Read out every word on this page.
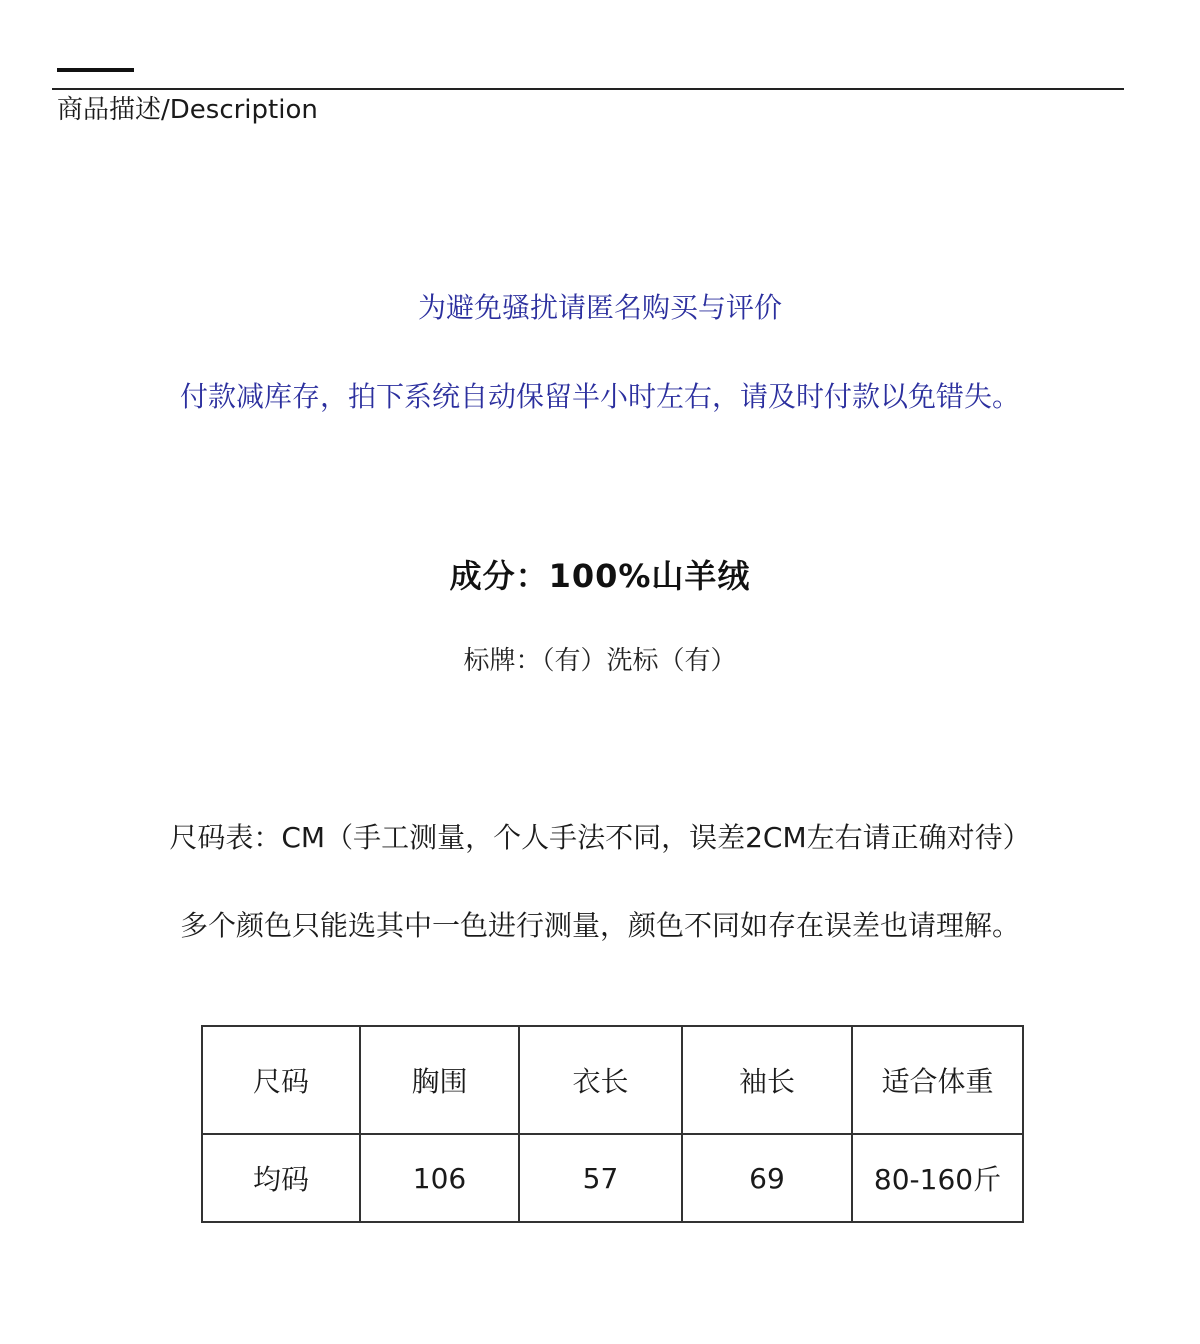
商品描述/Description
为避免骚扰请匿名购买与评价
付款减库存，拍下系统自动保留半小时左右，请及时付款以免错失。
成分：100%山羊绒
标牌：（有）洗标（有）
尺码表：CM（手工测量，个人手法不同，误差2CM左右请正确对待）
多个颜色只能选其中一色进行测量，颜色不同如存在误差也请理解。
尺码	胸围	衣长	袖长	适合体重
均码	106	57	69	80-160斤
